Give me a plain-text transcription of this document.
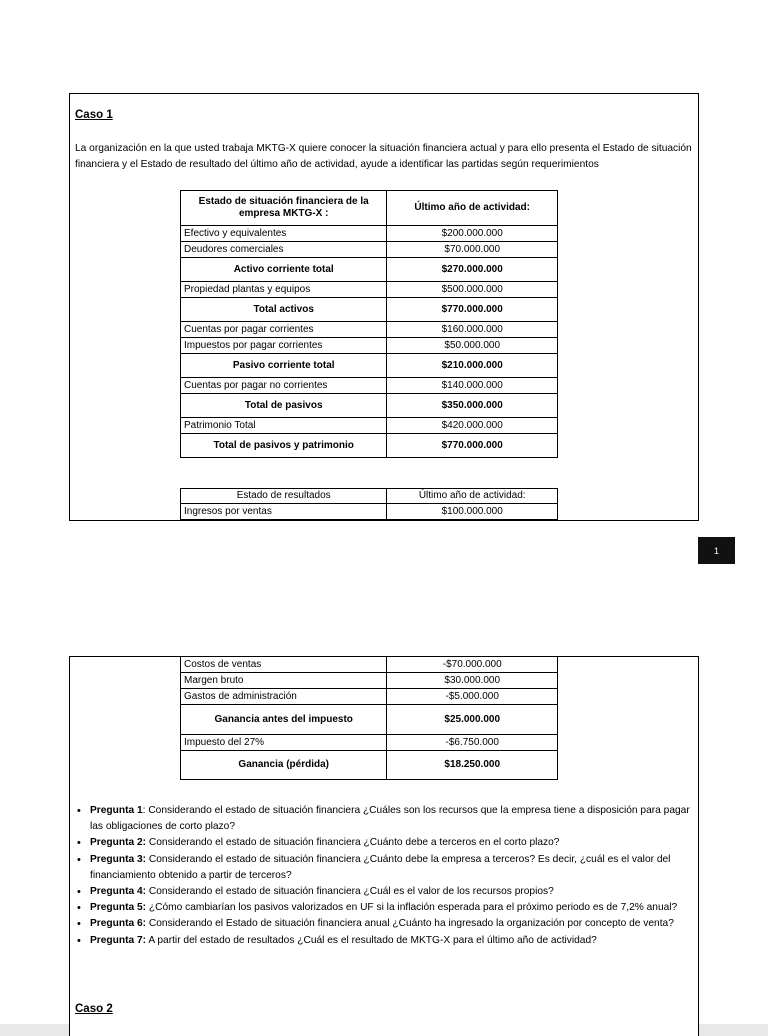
Caso 1

La organización en la que usted trabaja MKTG-X quiere conocer la situación financiera actual y para ello presenta el Estado de situación financiera y el Estado de resultado del último año de actividad, ayude a identificar las partidas según requerimientos

Estado de situación financiera de la empresa MKTG-X :	Último año de actividad:
Efectivo y equivalentes	$200.000.000
Deudores comerciales	$70.000.000
Activo corriente total	$270.000.000
Propiedad plantas y equipos	$500.000.000
Total activos	$770.000.000
Cuentas por pagar corrientes	$160.000.000
Impuestos por pagar corrientes	$50.000.000
Pasivo corriente total	$210.000.000
Cuentas por pagar no corrientes	$140.000.000
Total de pasivos	$350.000.000
Patrimonio Total	$420.000.000
Total de pasivos y patrimonio	$770.000.000
Estado de resultados	Último año de actividad:
Ingresos por ventas	$100.000.000
1
Costos de ventas	-$70.000.000
Margen bruto	$30.000.000
Gastos de administración	-$5.000.000
Ganancia antes del impuesto	$25.000.000
Impuesto del 27%	-$6.750.000
Ganancia (pérdida)	$18.250.000
• Pregunta 1: Considerando el estado de situación financiera ¿Cuáles son los recursos que la empresa tiene a disposición para pagar las obligaciones de corto plazo?
• Pregunta 2: Considerando el estado de situación financiera ¿Cuánto debe a terceros en el corto plazo?
• Pregunta 3: Considerando el estado de situación financiera ¿Cuánto debe la empresa a terceros? Es decir, ¿cuál es el valor del financiamiento obtenido a partir de terceros?
• Pregunta 4: Considerando el estado de situación financiera ¿Cuál es el valor de los recursos propios?
• Pregunta 5: ¿Cómo cambiarían los pasivos valorizados en UF si la inflación esperada para el próximo periodo es de 7,2% anual?
• Pregunta 6: Considerando el Estado de situación financiera anual ¿Cuánto ha ingresado la organización por concepto de venta?
• Pregunta 7: A partir del estado de resultados ¿Cuál es el resultado de MKTG-X para el último año de actividad?
Caso 2
